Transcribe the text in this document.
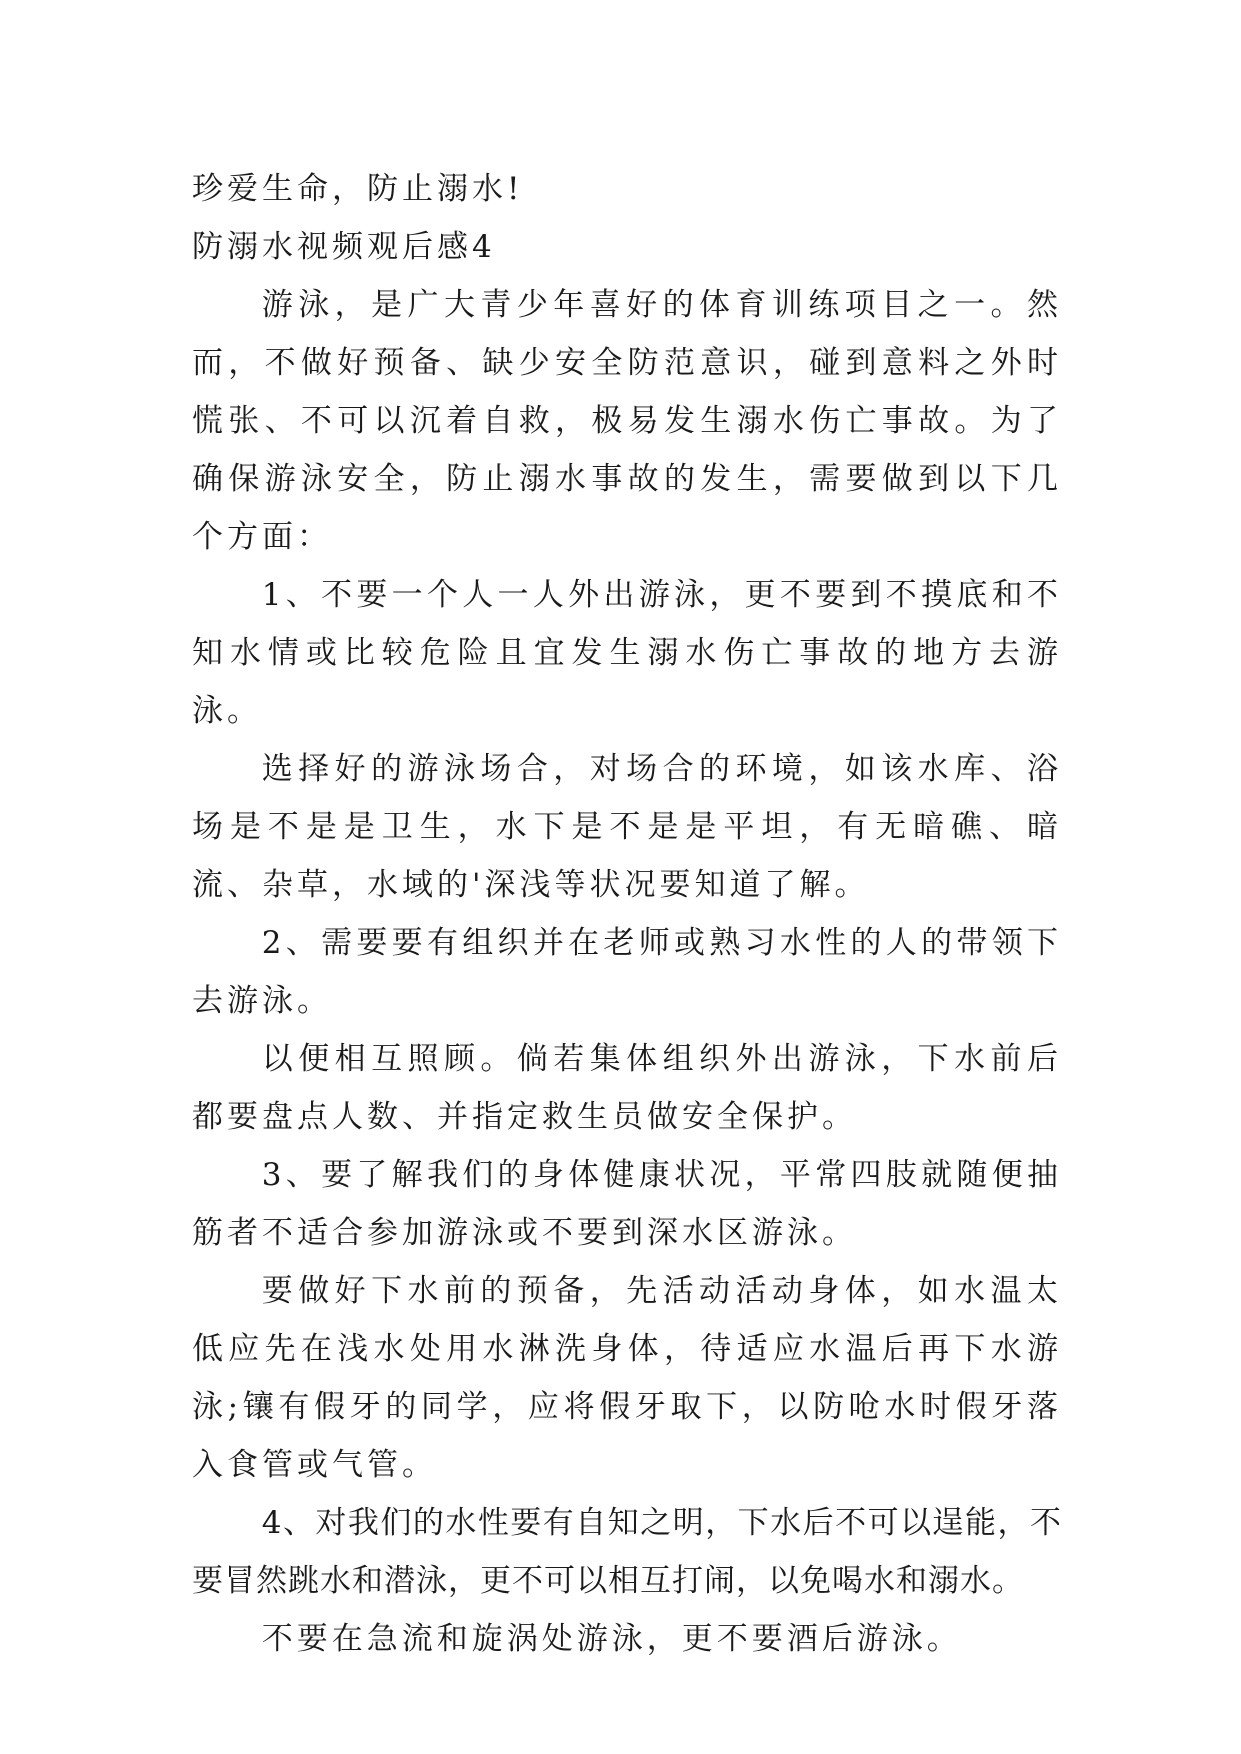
珍爱生命，防止溺水!

防溺水视频观后感4

游泳，是广大青少年喜好的体育训练项目之一。然而，不做好预备、缺少安全防范意识，碰到意料之外时慌张、不可以沉着自救，极易发生溺水伤亡事故。为了确保游泳安全，防止溺水事故的发生，需要做到以下几个方面：

1、不要一个人一人外出游泳，更不要到不摸底和不知水情或比较危险且宜发生溺水伤亡事故的地方去游泳。

选择好的游泳场合，对场合的环境，如该水库、浴场是不是是卫生，水下是不是是平坦，有无暗礁、暗流、杂草，水域的'深浅等状况要知道了解。

2、需要要有组织并在老师或熟习水性的人的带领下去游泳。

以便相互照顾。倘若集体组织外出游泳，下水前后都要盘点人数、并指定救生员做安全保护。

3、要了解我们的身体健康状况，平常四肢就随便抽筋者不适合参加游泳或不要到深水区游泳。

要做好下水前的预备，先活动活动身体，如水温太低应先在浅水处用水淋洗身体，待适应水温后再下水游泳;镶有假牙的同学，应将假牙取下，以防呛水时假牙落入食管或气管。

4、对我们的水性要有自知之明，下水后不可以逞能，不要冒然跳水和潜泳，更不可以相互打闹，以免喝水和溺水。

不要在急流和旋涡处游泳，更不要酒后游泳。
